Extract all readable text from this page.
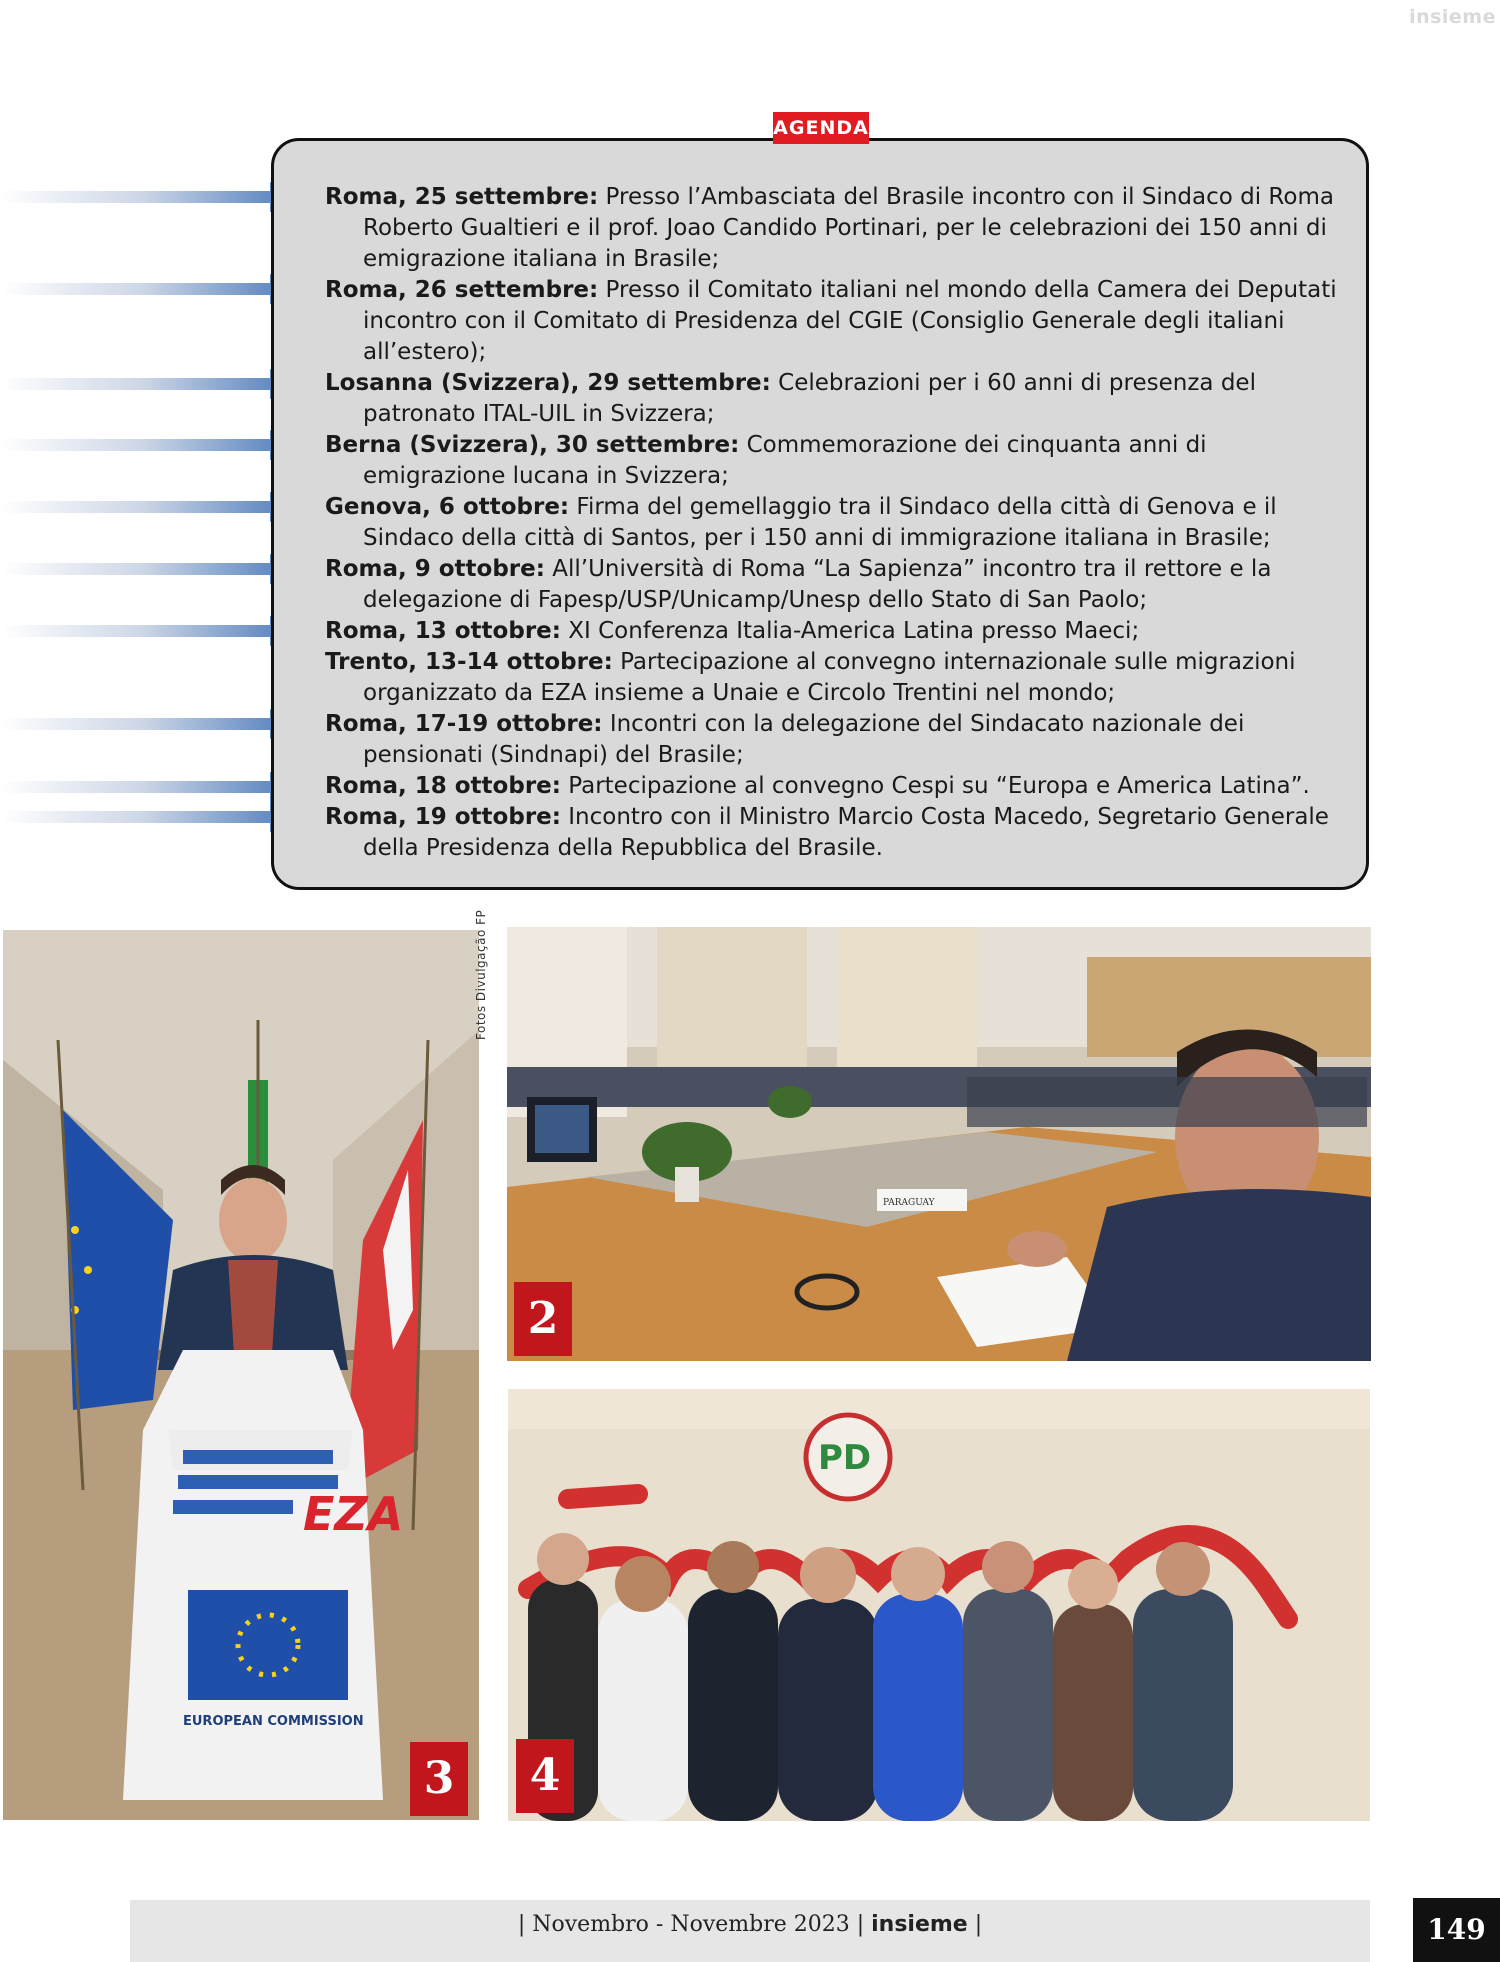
insieme
AGENDA
Roma, 25 settembre: Presso l’Ambasciata del Brasile incontro con il Sindaco di Roma Roberto Gualtieri e il prof. Joao Candido Portinari, per le celebrazioni dei 150 anni di emigrazione italiana in Brasile;
Roma, 26 settembre: Presso il Comitato italiani nel mondo della Camera dei Deputati incontro con il Comitato di Presidenza del CGIE (Consiglio Generale degli italiani all’estero);
Losanna (Svizzera), 29 settembre: Celebrazioni per i 60 anni di presenza del patronato ITAL-UIL in Svizzera;
Berna (Svizzera), 30 settembre: Commemorazione dei cinquanta anni di emigrazione lucana in Svizzera;
Genova, 6 ottobre: Firma del gemellaggio tra il Sindaco della città di Genova e il Sindaco della città di Santos, per i 150 anni di immigrazione italiana in Brasile;
Roma, 9 ottobre: All’Università di Roma “La Sapienza” incontro tra il rettore e la delegazione di Fapesp/USP/Unicamp/Unesp dello Stato di San Paolo;
Roma, 13 ottobre: XI Conferenza Italia-America Latina presso Maeci;
Trento, 13-14 ottobre: Partecipazione al convegno internazionale sulle migrazioni organizzato da EZA insieme a Unaie e Circolo Trentini nel mondo;
Roma, 17-19 ottobre: Incontri con la delegazione del Sindacato nazionale dei pensionati (Sindnapi) del Brasile;
Roma, 18 ottobre: Partecipazione al convegno Cespi su “Europa e America Latina”.
Roma, 19 ottobre: Incontro con il Ministro Marcio Costa Macedo, Segretario Generale della Presidenza della Repubblica del Brasile.
EZA
EUROPEAN COMMISSION
3
Fotos Divulgação FP
PARAGUAY
2
PD
4
| Novembro - Novembre 2023 | insieme |	149
